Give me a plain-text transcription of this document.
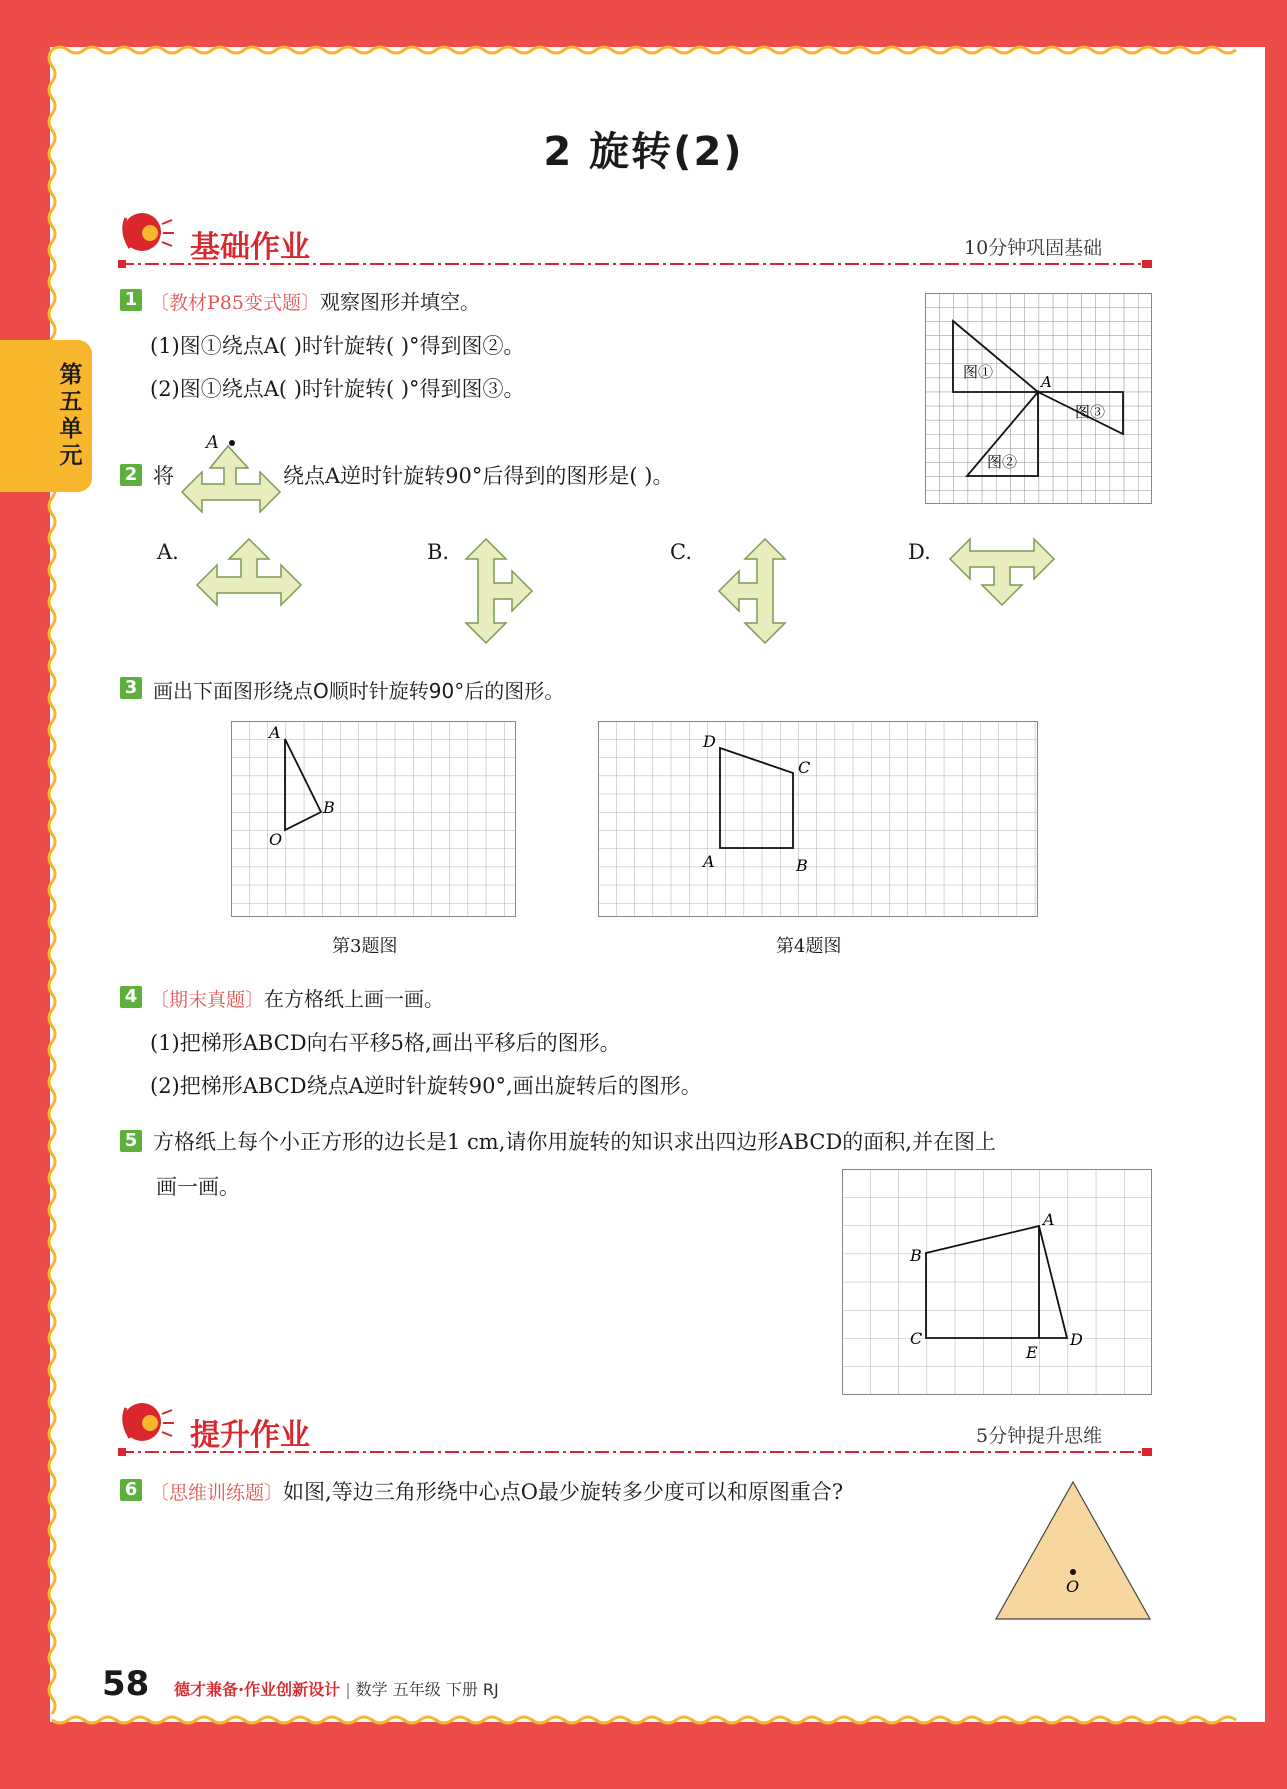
2 旋转(2)
第五单元
基础作业	10分钟巩固基础
1 〔教材P85变式题〕观察图形并填空。
(1)图①绕点A( )时针旋转( )°得到图②。
(2)图①绕点A( )时针旋转( )°得到图③。
图①
图②
图③
A
2 将
A
绕点A逆时针旋转90°后得到的图形是( )。
A.	B.	C.	D.
3 画出下面图形绕点O顺时针旋转90°后的图形。
A
B
O
第3题图
D
C
A	B
第4题图
4 〔期末真题〕在方格纸上画一画。
(1)把梯形ABCD向右平移5格,画出平移后的图形。
(2)把梯形ABCD绕点A逆时针旋转90°,画出旋转后的图形。
5 方格纸上每个小正方形的边长是1 cm,请你用旋转的知识求出四边形ABCD的面积,并在图上
画一画。
A
B
C	D
E
提升作业	5分钟提升思维
6 〔思维训练题〕如图,等边三角形绕中心点O最少旋转多少度可以和原图重合?
O
58 德才兼备·作业创新设计 | 数学 五年级 下册 RJ
